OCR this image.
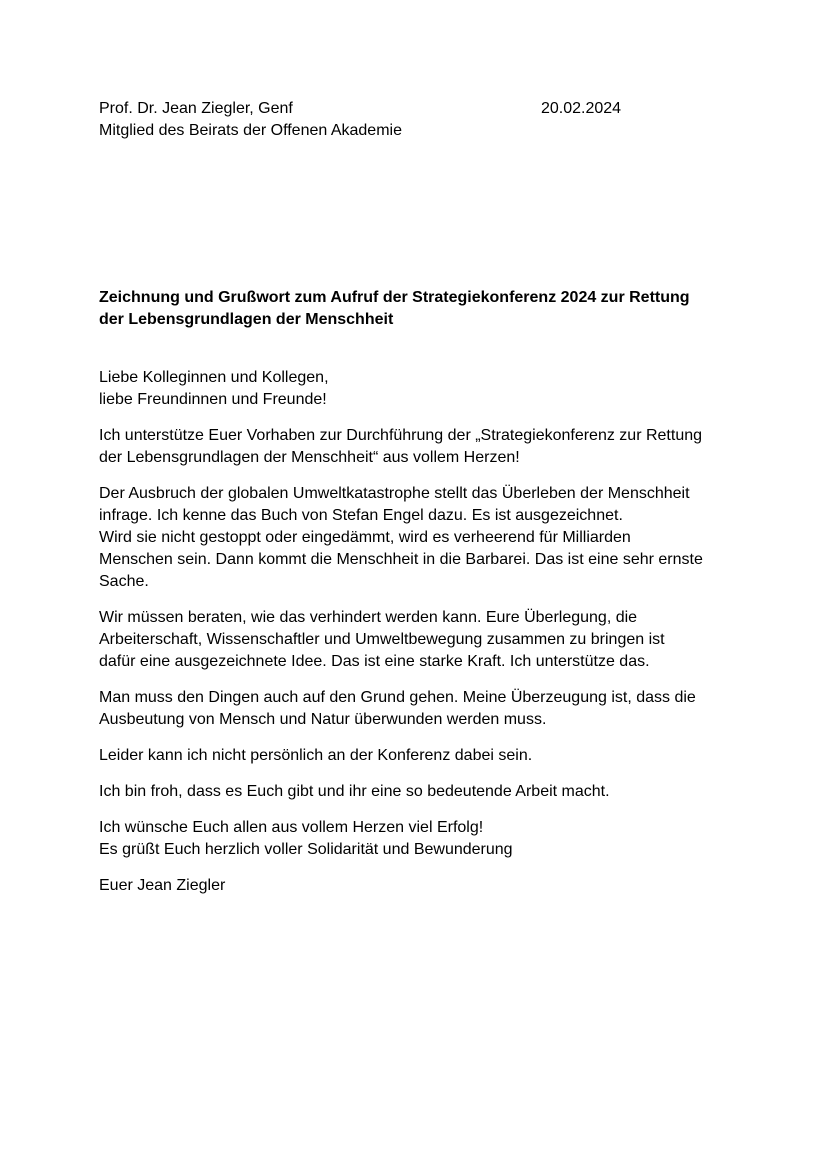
Prof. Dr. Jean Ziegler, Genf
Mitglied des Beirats der Offenen Akademie
20.02.2024
Zeichnung und Grußwort zum Aufruf der Strategiekonferenz 2024 zur Rettung
der Lebensgrundlagen der Menschheit
Liebe Kolleginnen und Kollegen,
liebe Freundinnen und Freunde!
Ich unterstütze Euer Vorhaben zur Durchführung der „Strategiekonferenz zur Rettung
der Lebensgrundlagen der Menschheit“ aus vollem Herzen!
Der Ausbruch der globalen Umweltkatastrophe stellt das Überleben der Menschheit
infrage. Ich kenne das Buch von Stefan Engel dazu. Es ist ausgezeichnet.
Wird sie nicht gestoppt oder eingedämmt, wird es verheerend für Milliarden
Menschen sein. Dann kommt die Menschheit in die Barbarei. Das ist eine sehr ernste
Sache.
Wir müssen beraten, wie das verhindert werden kann. Eure Überlegung, die
Arbeiterschaft, Wissenschaftler und Umweltbewegung zusammen zu bringen ist
dafür eine ausgezeichnete Idee. Das ist eine starke Kraft. Ich unterstütze das.
Man muss den Dingen auch auf den Grund gehen. Meine Überzeugung ist, dass die
Ausbeutung von Mensch und Natur überwunden werden muss.
Leider kann ich nicht persönlich an der Konferenz dabei sein.
Ich bin froh, dass es Euch gibt und ihr eine so bedeutende Arbeit macht.
Ich wünsche Euch allen aus vollem Herzen viel Erfolg!
Es grüßt Euch herzlich voller Solidarität und Bewunderung
Euer Jean Ziegler
